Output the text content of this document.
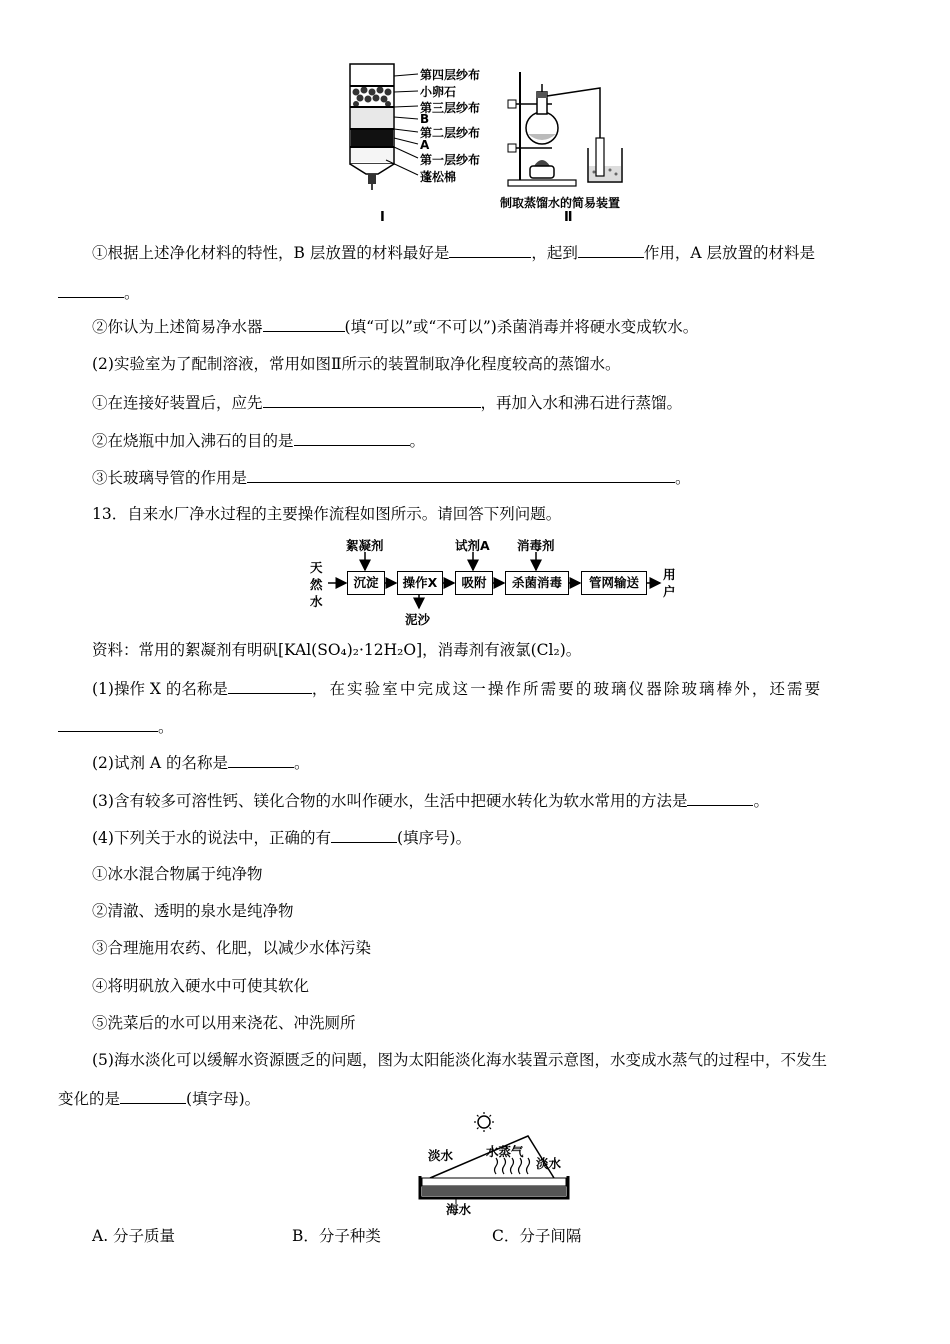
第四层纱布
小卵石
第三层纱布
B
第二层纱布
A
第一层纱布
蓬松棉
Ⅰ
制取蒸馏水的简易装置
Ⅱ
①根据上述净化材料的特性，B 层放置的材料最好是	，起到	作用，A 层放置的材料是
。
②你认为上述简易净水器	(填“可以”或“不可以”)杀菌消毒并将硬水变成软水。
(2)实验室为了配制溶液，常用如图Ⅱ所示的装置制取净化程度较高的蒸馏水。
①在连接好装置后，应先	，再加入水和沸石进行蒸馏。
②在烧瓶中加入沸石的目的是	。
③长玻璃导管的作用是	。
13．自来水厂净水过程的主要操作流程如图所示。请回答下列问题。
天
然
水
沉淀	操作X	吸附	杀菌消毒	管网输送
絮凝剂	试剂A 消毒剂
泥沙
用
户
资料：常用的絮凝剂有明矾[KAl(SO₄)₂·12H₂O]，消毒剂有液氯(Cl₂)。
(1)操作 X 的名称是	，在实验室中完成这一操作所需要的玻璃仪器除玻璃棒外，还需要
。
(2)试剂 A 的名称是	。
(3)含有较多可溶性钙、镁化合物的水叫作硬水，生活中把硬水转化为软水常用的方法是	。
(4)下列关于水的说法中，正确的有	(填序号)。
①冰水混合物属于纯净物
②清澈、透明的泉水是纯净物
③合理施用农药、化肥，以减少水体污染
④将明矾放入硬水中可使其软化
⑤洗菜后的水可以用来浇花、冲洗厕所
(5)海水淡化可以缓解水资源匮乏的问题，图为太阳能淡化海水装置示意图，水变成水蒸气的过程中，不发生
变化的是	(填字母)。
淡水	水蒸气
淡水
海水
A. 分子质量	B．分子种类	C．分子间隔
